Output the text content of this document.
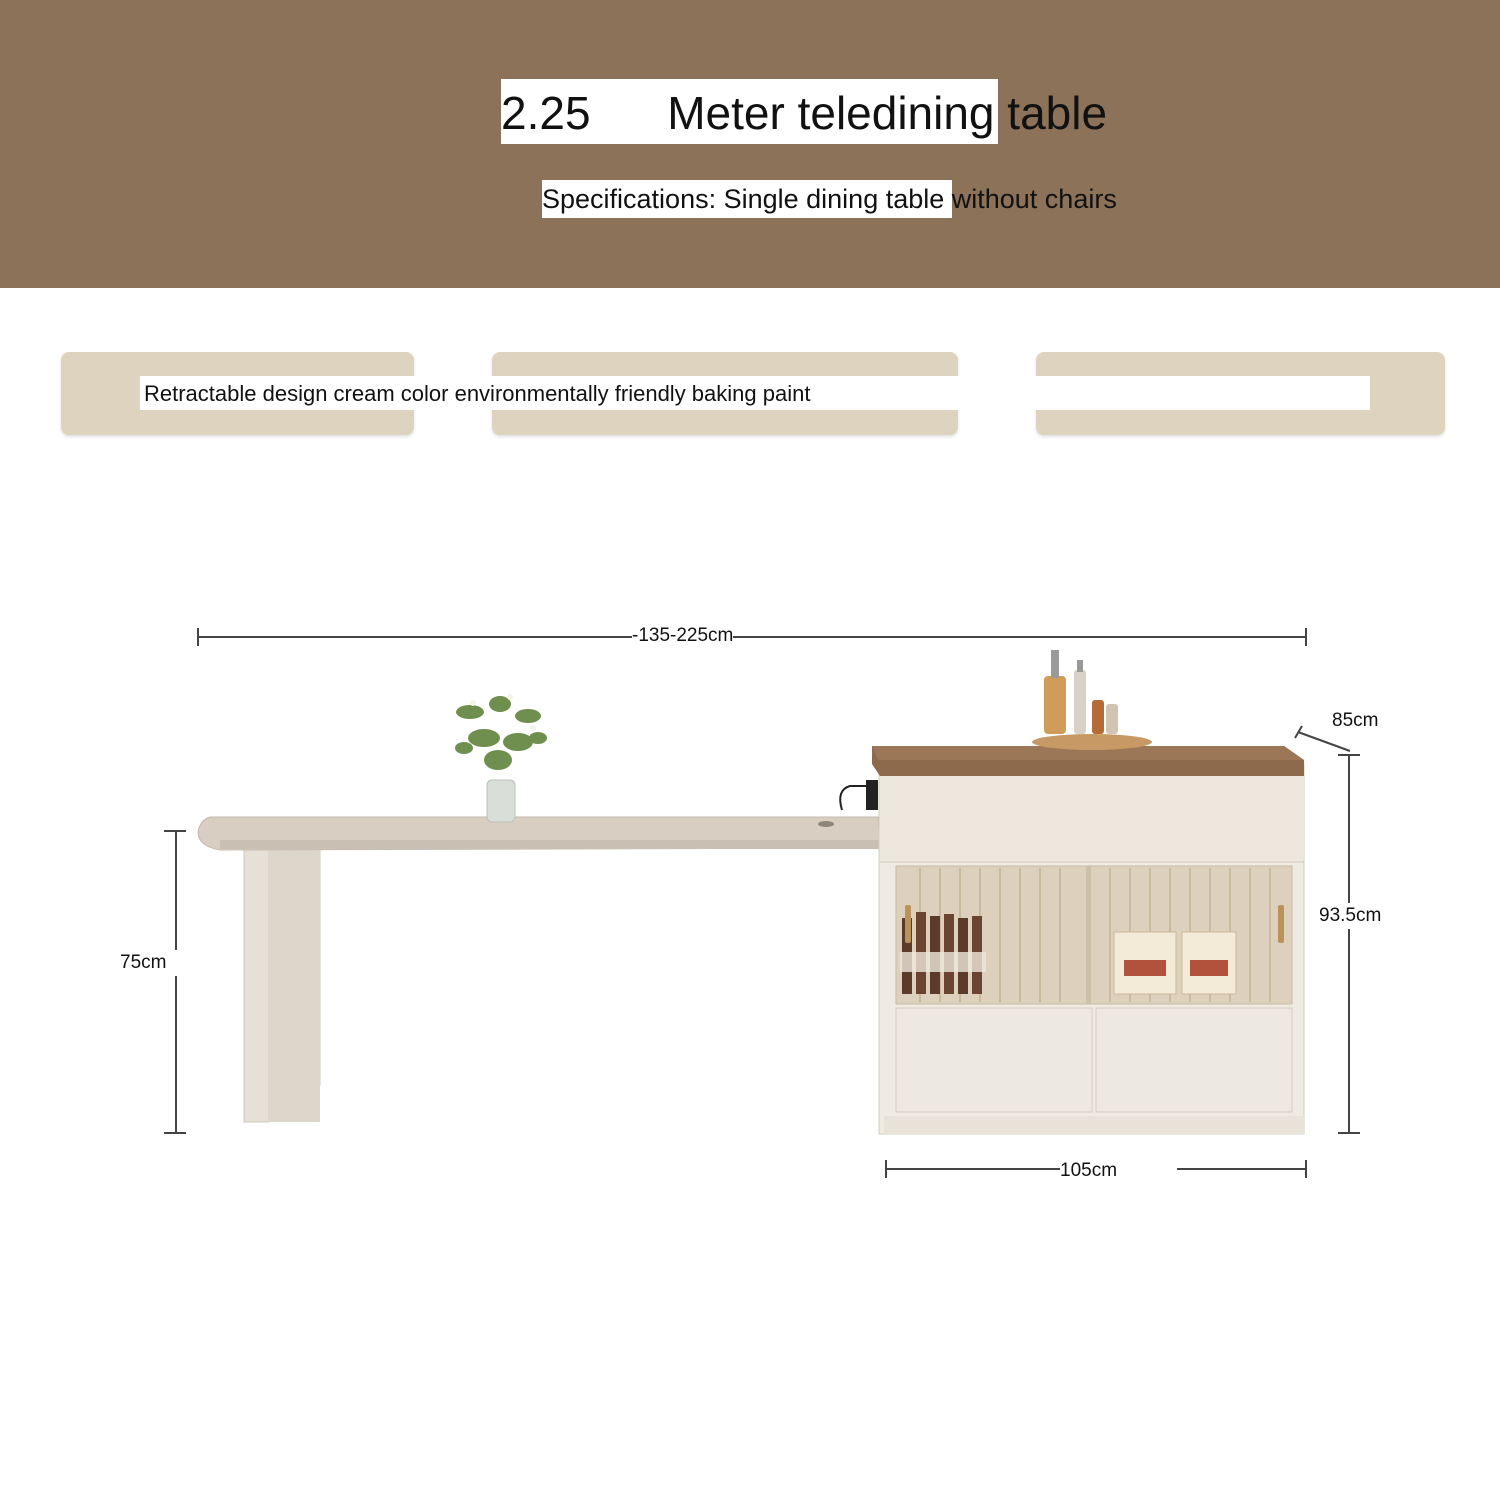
2.25      Meter teledining table
Specifications: Single dining table without chairs
Retractable design cream color environmentally friendly baking paint
-135-225cm
85cm
75cm
93.5cm
105cm
